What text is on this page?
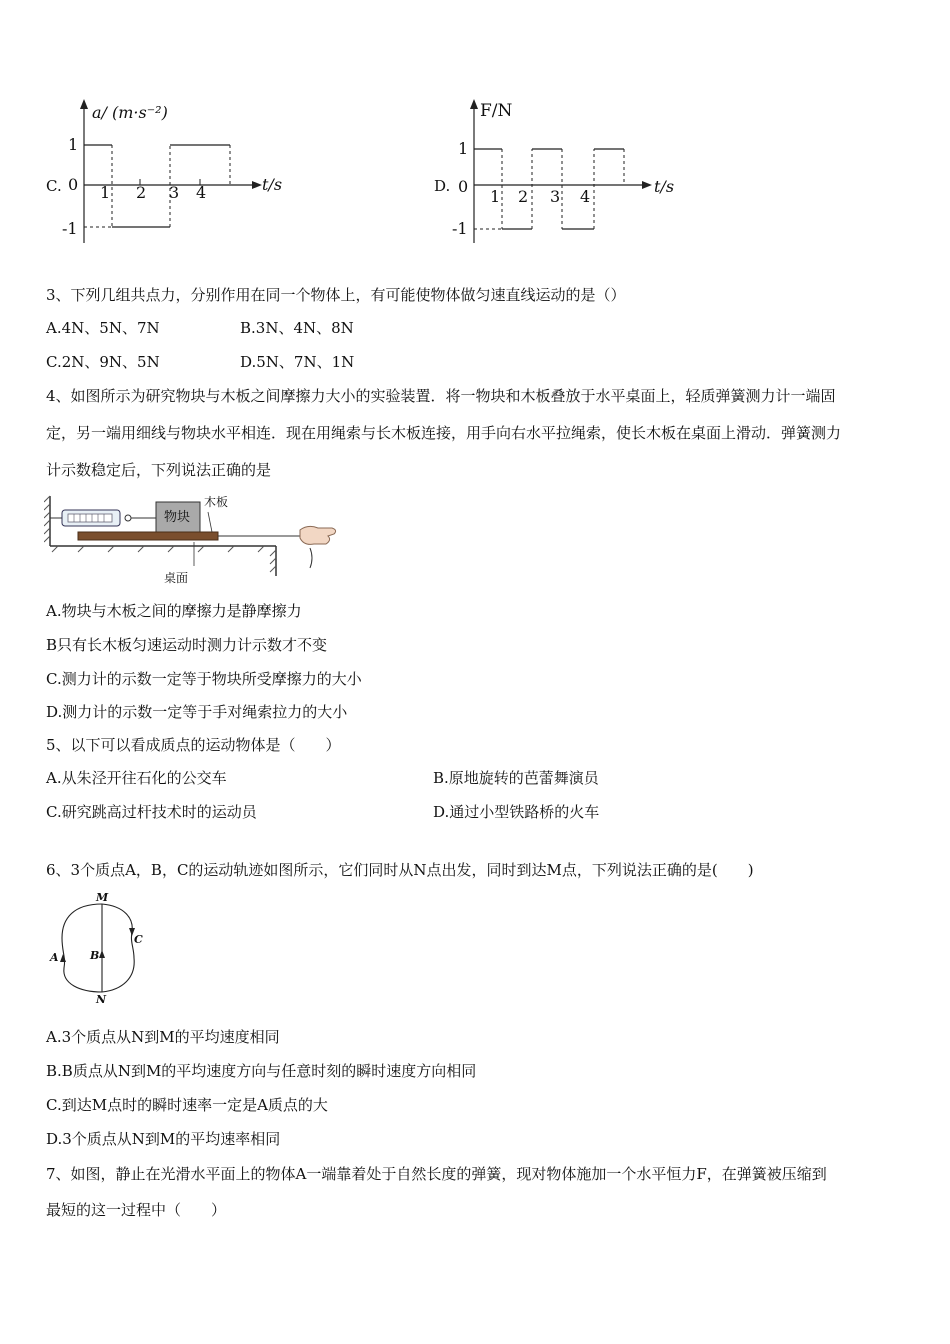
C.
a/ (m·s⁻²)
t/s
1
0
-1
1 2 3 4	D.
F/N
t/s
1
0
-1
1 2 3 4
3、下列几组共点力，分别作用在同一个物体上，有可能使物体做匀速直线运动的是（）
A.4N、5N、7N	B.3N、4N、8N
C.2N、9N、5N	D.5N、7N、1N
4、如图所示为研究物块与木板之间摩擦力大小的实验装置．将一物块和木板叠放于水平桌面上，轻质弹簧测力计一端固
定，另一端用细线与物块水平相连．现在用绳索与长木板连接，用手向右水平拉绳索，使长木板在桌面上滑动．弹簧测力
计示数稳定后，下列说法正确的是
物块
木板
桌面
A.物块与木板之间的摩擦力是静摩擦力
B只有长木板匀速运动时测力计示数才不变
C.测力计的示数一定等于物块所受摩擦力的大小
D.测力计的示数一定等于手对绳索拉力的大小
5、以下可以看成质点的运动物体是（　　）
A.从朱泾开往石化的公交车	B.原地旋转的芭蕾舞演员
C.研究跳高过杆技术时的运动员	D.通过小型铁路桥的火车
6、3个质点A，B，C的运动轨迹如图所示，它们同时从N点出发，同时到达M点，下列说法正确的是(　　)
M
N
A	B
C
A.3个质点从N到M的平均速度相同
B.B质点从N到M的平均速度方向与任意时刻的瞬时速度方向相同
C.到达M点时的瞬时速率一定是A质点的大
D.3个质点从N到M的平均速率相同
7、如图，静止在光滑水平面上的物体A一端靠着处于自然长度的弹簧，现对物体施加一个水平恒力F，在弹簧被压缩到
最短的这一过程中（　　）
